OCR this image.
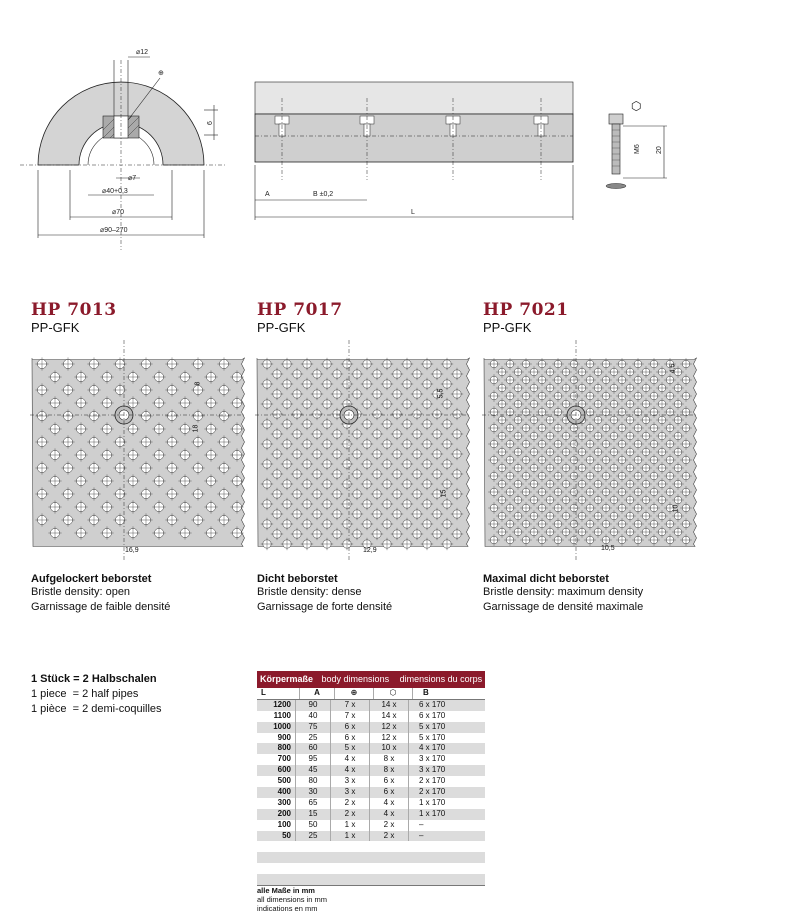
⌀12
⊕
6
⌀7
⌀40+0,3
⌀70
⌀90–270
A	B ±0,2
L
⬡
M6 20
HP 7013
PP-GFK
HP 7017
PP-GFK
HP 7021
PP-GFK
8
18
16,9
5,5
15
12,9
4,5
10
10,5
Aufgelockert beborstet
Bristle density: open
Garnissage de faible densité
Dicht beborstet
Bristle density: dense
Garnissage de forte densité
Maximal dicht beborstet
Bristle density: maximum density
Garnissage de densité maximale
1 Stück = 2 Halbschalen
1 piece  = 2 half pipes
1 pièce  = 2 demi-coquilles
Körpermaße body dimensions dimensions du corps
L	A	⊕	⬡	B
1200	90	7 x	14 x	6 x 170
1100	40	7 x	14 x	6 x 170
1000	75	6 x	12 x	5 x 170
900	25	6 x	12 x	5 x 170
800	60	5 x	10 x	4 x 170
700	95	4 x	8 x	3 x 170
600	45	4 x	8 x	3 x 170
500	80	3 x	6 x	2 x 170
400	30	3 x	6 x	2 x 170
300	65	2 x	4 x	1 x 170
200	15	2 x	4 x	1 x 170
100	50	1 x	2 x	–
50	25	1 x	2 x	–
alle Maße in mm
all dimensions in mm
indications en mm
